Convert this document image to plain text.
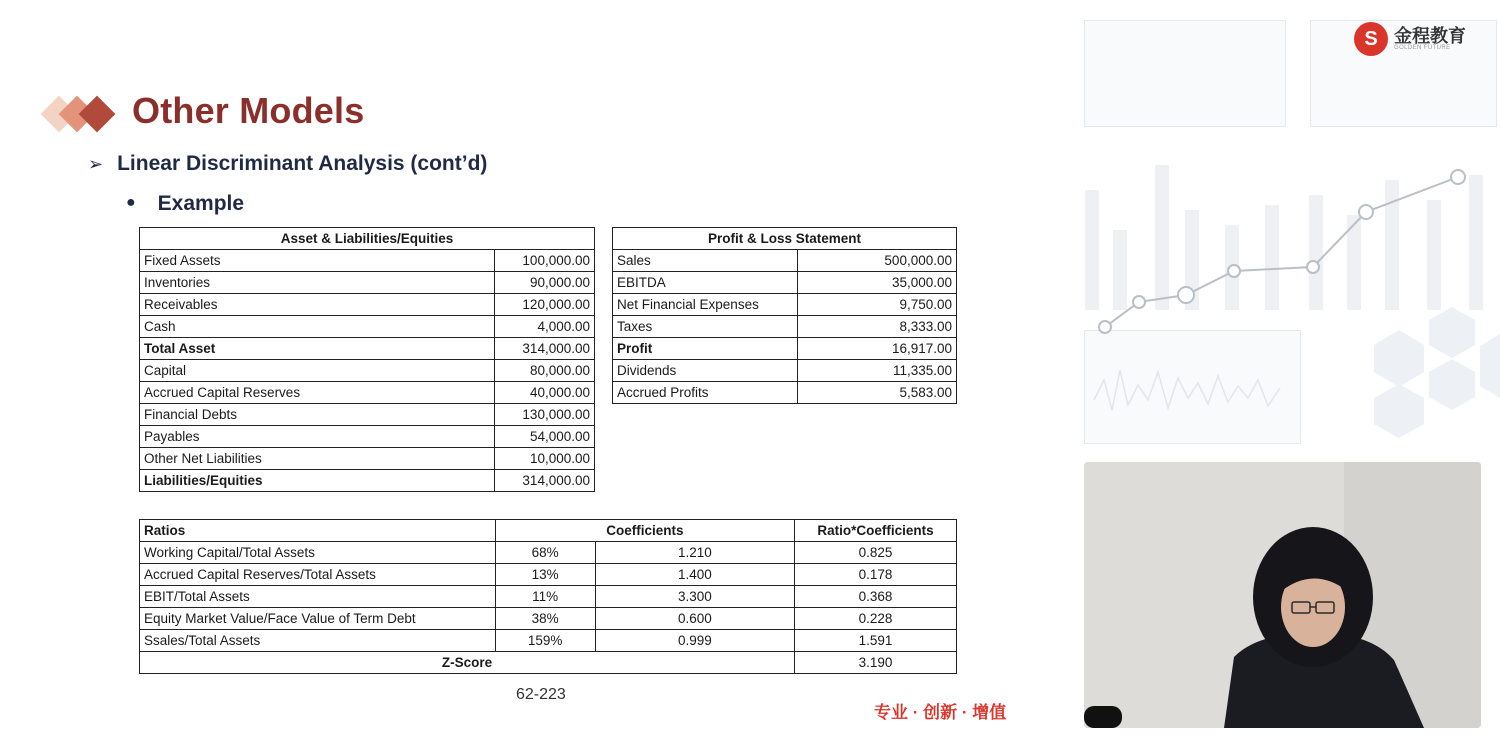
Other Models
➢ Linear Discriminant Analysis (cont’d)
● Example
Asset & Liabilities/Equities	
Fixed Assets	100,000.00
Inventories	90,000.00
Receivables	120,000.00
Cash	4,000.00
Total Asset	314,000.00
Capital	80,000.00
Accrued Capital Reserves	40,000.00
Financial Debts	130,000.00
Payables	54,000.00
Other Net Liabilities	10,000.00
Liabilities/Equities	314,000.00
Profit & Loss Statement	
Sales	500,000.00
EBITDA	35,000.00
Net Financial Expenses	9,750.00
Taxes	8,333.00
Profit	16,917.00
Dividends	11,335.00
Accrued Profits	5,583.00
Ratios	Coefficients		Ratio*Coefficients
Working Capital/Total Assets	68%	1.210	0.825
Accrued Capital Reserves/Total Assets	13%	1.400	0.178
EBIT/Total Assets	11%	3.300	0.368
Equity Market Value/Face Value of Term Debt	38%	0.600	0.228
Ssales/Total Assets	159%	0.999	1.591
Z-Score			3.190
62-223
专业 · 创新 · 增值
S 金程教育
GOLDEN FUTURE
